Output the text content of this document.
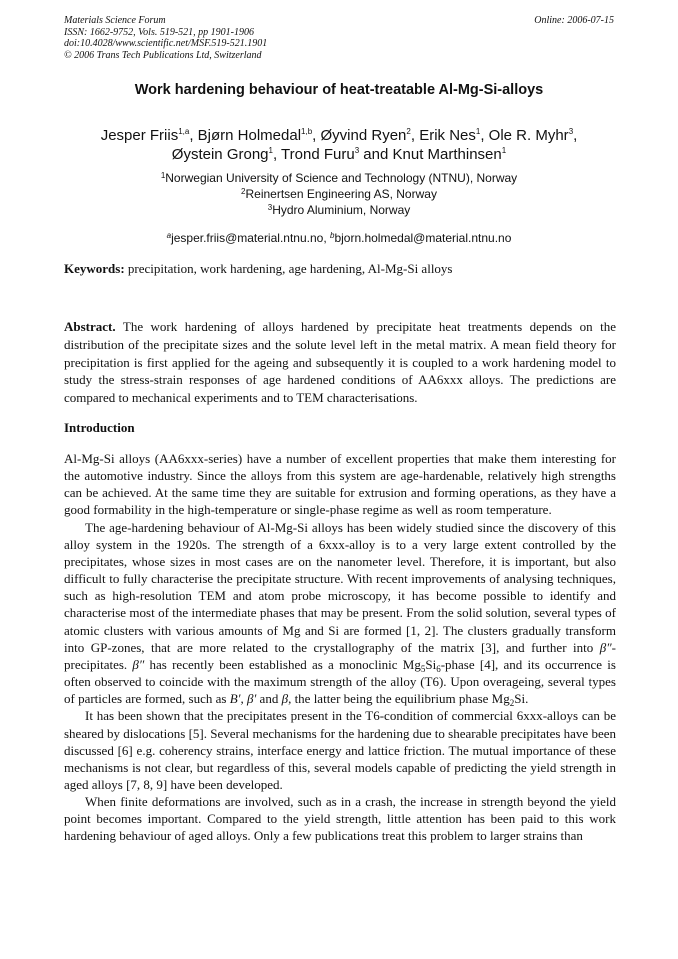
Materials Science Forum
ISSN: 1662-9752, Vols. 519-521, pp 1901-1906
doi:10.4028/www.scientific.net/MSF.519-521.1901
© 2006 Trans Tech Publications Ltd, Switzerland
Online: 2006-07-15
Work hardening behaviour of heat-treatable Al-Mg-Si-alloys
Jesper Friis$^{1,a}$, Bjørn Holmedal$^{1,b}$, Øyvind Ryen$^2$, Erik Nes$^1$, Ole R. Myhr$^3$,
Øystein Grong$^1$, Trond Furu$^3$ and Knut Marthinsen$^1$
$^1$Norwegian University of Science and Technology (NTNU), Norway
$^2$Reinertsen Engineering AS, Norway
$^3$Hydro Aluminium, Norway
$^a$jesper.friis@material.ntnu.no, $^b$bjorn.holmedal@material.ntnu.no
Keywords: precipitation, work hardening, age hardening, Al-Mg-Si alloys
Abstract. The work hardening of alloys hardened by precipitate heat treatments depends on the distribution of the precipitate sizes and the solute level left in the metal matrix. A mean field theory for precipitation is first applied for the ageing and subsequently it is coupled to a work hardening model to study the stress-strain responses of age hardened conditions of AA6xxx alloys. The predictions are compared to mechanical experiments and to TEM characterisations.
Introduction

Al-Mg-Si alloys (AA6xxx-series) have a number of excellent properties that make them interesting for the automotive industry. Since the alloys from this system are age-hardenable, relatively high strengths can be achieved. At the same time they are suitable for extrusion and forming operations, as they have a good formability in the high-temperature or single-phase regime as well as room temperature.

The age-hardening behaviour of Al-Mg-Si alloys has been widely studied since the discovery of this alloy system in the 1920s. The strength of a 6xxx-alloy is to a very large extent controlled by the precipitates, whose sizes in most cases are on the nanometer level. Therefore, it is important, but also difficult to fully characterise the precipitate structure. With recent improvements of analysing techniques, such as high-resolution TEM and atom probe microscopy, it has become possible to identify and characterise most of the intermediate phases that may be present. From the solid solution, several types of atomic clusters with various amounts of Mg and Si are formed [1, 2]. The clusters gradually transform into GP-zones, that are more related to the crystallography of the matrix [3], and further into β″-precipitates. β″ has recently been established as a monoclinic $Mg_5Si_6$-phase [4], and its occurrence is often observed to coincide with the maximum strength of the alloy (T6). Upon overageing, several types of particles are formed, such as B′, β′ and β, the latter being the equilibrium phase $Mg_2Si$.

It has been shown that the precipitates present in the T6-condition of commercial 6xxx-alloys can be sheared by dislocations [5]. Several mechanisms for the hardening due to shearable precipitates have been discussed [6] e.g. coherency strains, interface energy and lattice friction. The mutual importance of these mechanisms is not clear, but regardless of this, several models capable of predicting the yield strength in aged alloys [7, 8, 9] have been developed.

When finite deformations are involved, such as in a crash, the increase in strength beyond the yield point becomes important. Compared to the yield strength, little attention has been paid to this work hardening behaviour of aged alloys. Only a few publications treat this problem to larger strains than
